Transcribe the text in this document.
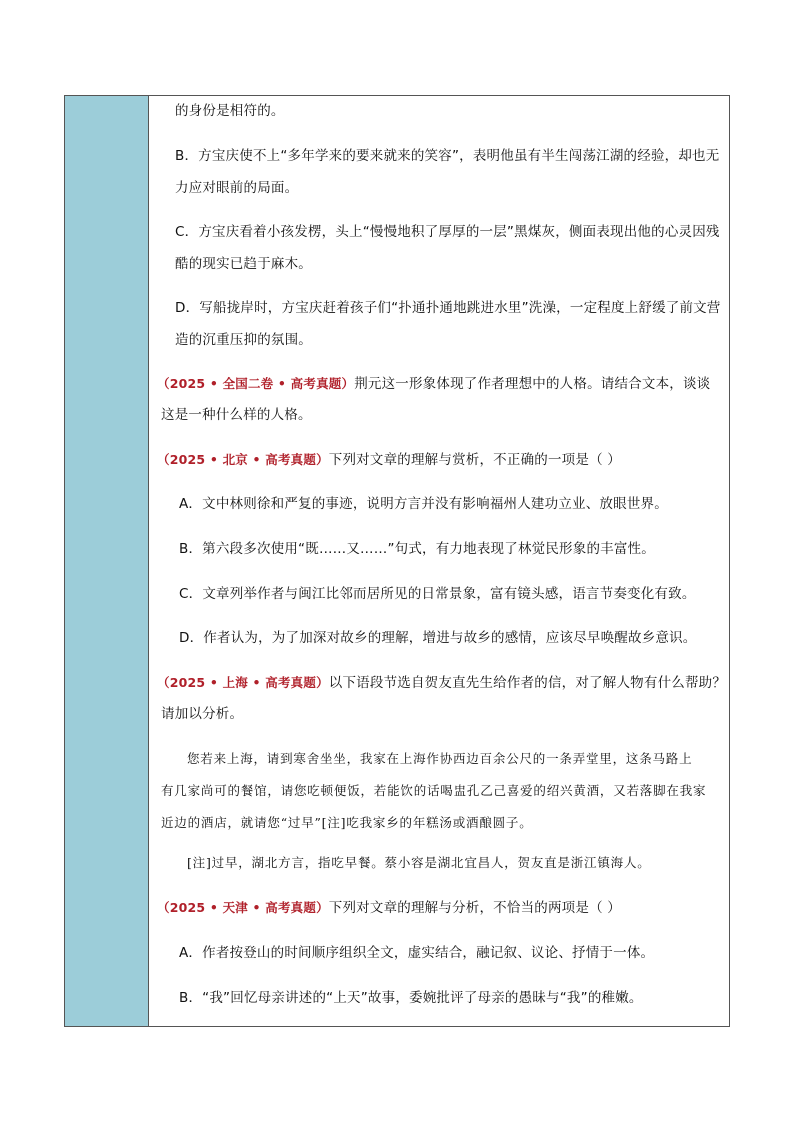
的身份是相符的。
B．方宝庆使不上“多年学来的要来就来的笑容”，表明他虽有半生闯荡江湖的经验，却也无
力应对眼前的局面。
C．方宝庆看着小孩发楞，头上“慢慢地积了厚厚的一层”黑煤灰，侧面表现出他的心灵因残
酷的现实已趋于麻木。
D．写船拢岸时，方宝庆赶着孩子们“扑通扑通地跳进水里”洗澡，一定程度上舒缓了前文营
造的沉重压抑的氛围。
（2025 • 全国二卷 • 高考真题）荆元这一形象体现了作者理想中的人格。请结合文本，谈谈
这是一种什么样的人格。
（2025 • 北京 • 高考真题）下列对文章的理解与赏析，不正确的一项是（ ）
A．文中林则徐和严复的事迹，说明方言并没有影响福州人建功立业、放眼世界。
B．第六段多次使用“既……又……”句式，有力地表现了林觉民形象的丰富性。
C．文章列举作者与闽江比邻而居所见的日常景象，富有镜头感，语言节奏变化有致。
D．作者认为，为了加深对故乡的理解，增进与故乡的感情，应该尽早唤醒故乡意识。
（2025 • 上海 • 高考真题）以下语段节选自贺友直先生给作者的信，对了解人物有什么帮助？
请加以分析。
您若来上海，请到寒舍坐坐，我家在上海作协西边百余公尺的一条弄堂里，这条马路上
有几家尚可的餐馆，请您吃顿便饭，若能饮的话喝盅孔乙己喜爱的绍兴黄酒，又若落脚在我家
近边的酒店，就请您“过早”[注]吃我家乡的年糕汤或酒酿圆子。
[注]过早，湖北方言，指吃早餐。蔡小容是湖北宜昌人，贺友直是浙江镇海人。
（2025 • 天津 • 高考真题）下列对文章的理解与分析，不恰当的两项是（ ）
A．作者按登山的时间顺序组织全文，虚实结合，融记叙、议论、抒情于一体。
B．“我”回忆母亲讲述的“上天”故事，委婉批评了母亲的愚昧与“我”的稚嫩。
